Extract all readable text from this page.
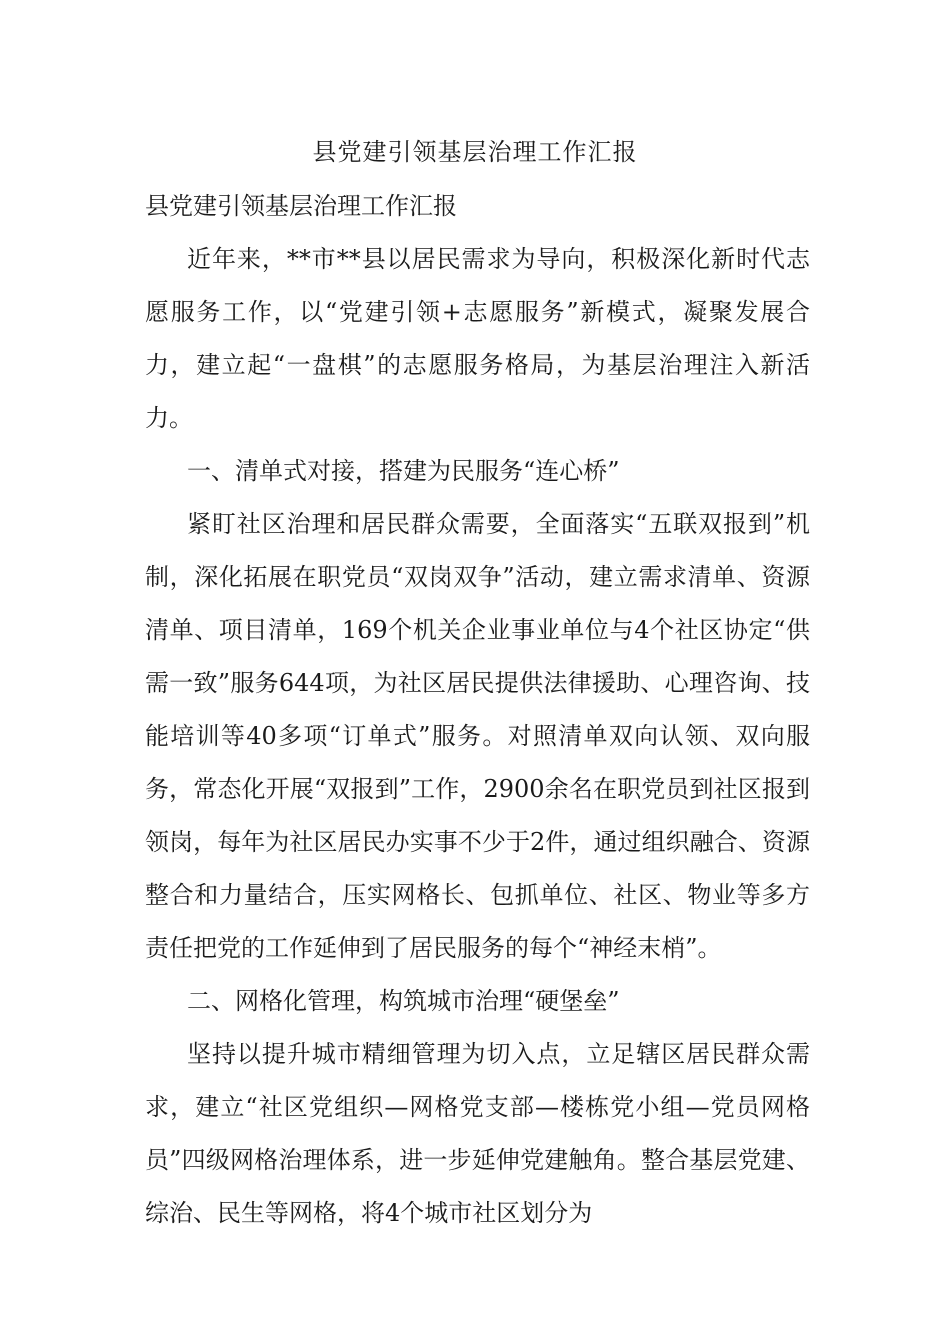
县党建引领基层治理工作汇报

县党建引领基层治理工作汇报

近年来，**市**县以居民需求为导向，积极深化新时代志愿服务工作，以“党建引领+志愿服务”新模式，凝聚发展合力，建立起“一盘棋”的志愿服务格局，为基层治理注入新活力。

一、清单式对接，搭建为民服务“连心桥”

紧盯社区治理和居民群众需要，全面落实“五联双报到”机制，深化拓展在职党员“双岗双争”活动，建立需求清单、资源清单、项目清单，169个机关企业事业单位与4个社区协定“供需一致”服务644项，为社区居民提供法律援助、心理咨询、技能培训等40多项“订单式”服务。对照清单双向认领、双向服务，常态化开展“双报到”工作，2900余名在职党员到社区报到领岗，每年为社区居民办实事不少于2件，通过组织融合、资源整合和力量结合，压实网格长、包抓单位、社区、物业等多方责任把党的工作延伸到了居民服务的每个“神经末梢”。

二、网格化管理，构筑城市治理“硬堡垒”

坚持以提升城市精细管理为切入点，立足辖区居民群众需求，建立“社区党组织—网格党支部—楼栋党小组—党员网格员”四级网格治理体系，进一步延伸党建触角。整合基层党建、综治、民生等网格，将4个城市社区划分为
